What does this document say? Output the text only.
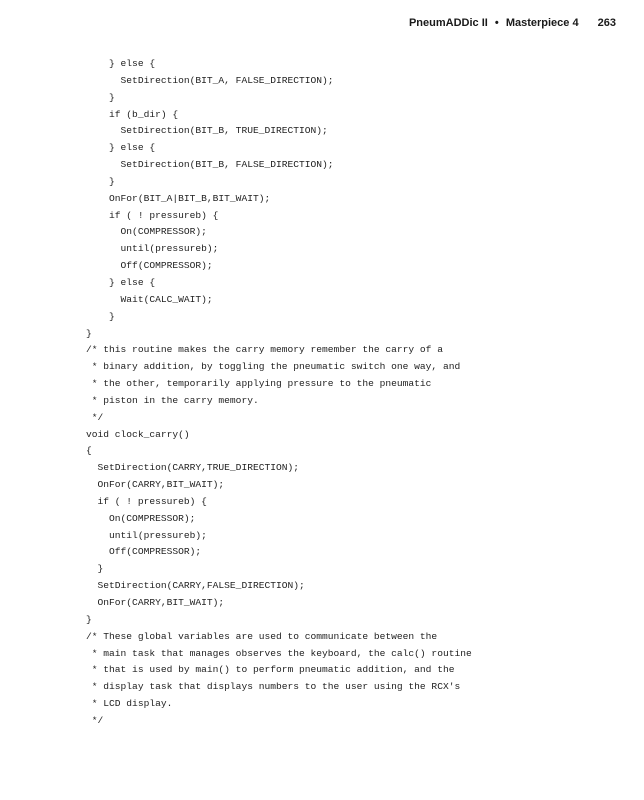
PneumADDic II • Masterpiece 4 263
} else {
SetDirection(BIT_A, FALSE_DIRECTION);
}
if (b_dir) {
SetDirection(BIT_B, TRUE_DIRECTION);
} else {
SetDirection(BIT_B, FALSE_DIRECTION);
}
OnFor(BIT_A|BIT_B,BIT_WAIT);
if ( ! pressureb) {
On(COMPRESSOR);
until(pressureb);
Off(COMPRESSOR);
} else {
Wait(CALC_WAIT);
}
}
/* this routine makes the carry memory remember the carry of a
* binary addition, by toggling the pneumatic switch one way, and
* the other, temporarily applying pressure to the pneumatic
* piston in the carry memory.
*/
void clock_carry()
{
SetDirection(CARRY,TRUE_DIRECTION);
OnFor(CARRY,BIT_WAIT);
if ( ! pressureb) {
On(COMPRESSOR);
until(pressureb);
Off(COMPRESSOR);
}
SetDirection(CARRY,FALSE_DIRECTION);
OnFor(CARRY,BIT_WAIT);
}
/* These global variables are used to communicate between the
* main task that manages observes the keyboard, the calc() routine
* that is used by main() to perform pneumatic addition, and the
* display task that displays numbers to the user using the RCX's
* LCD display.
*/
